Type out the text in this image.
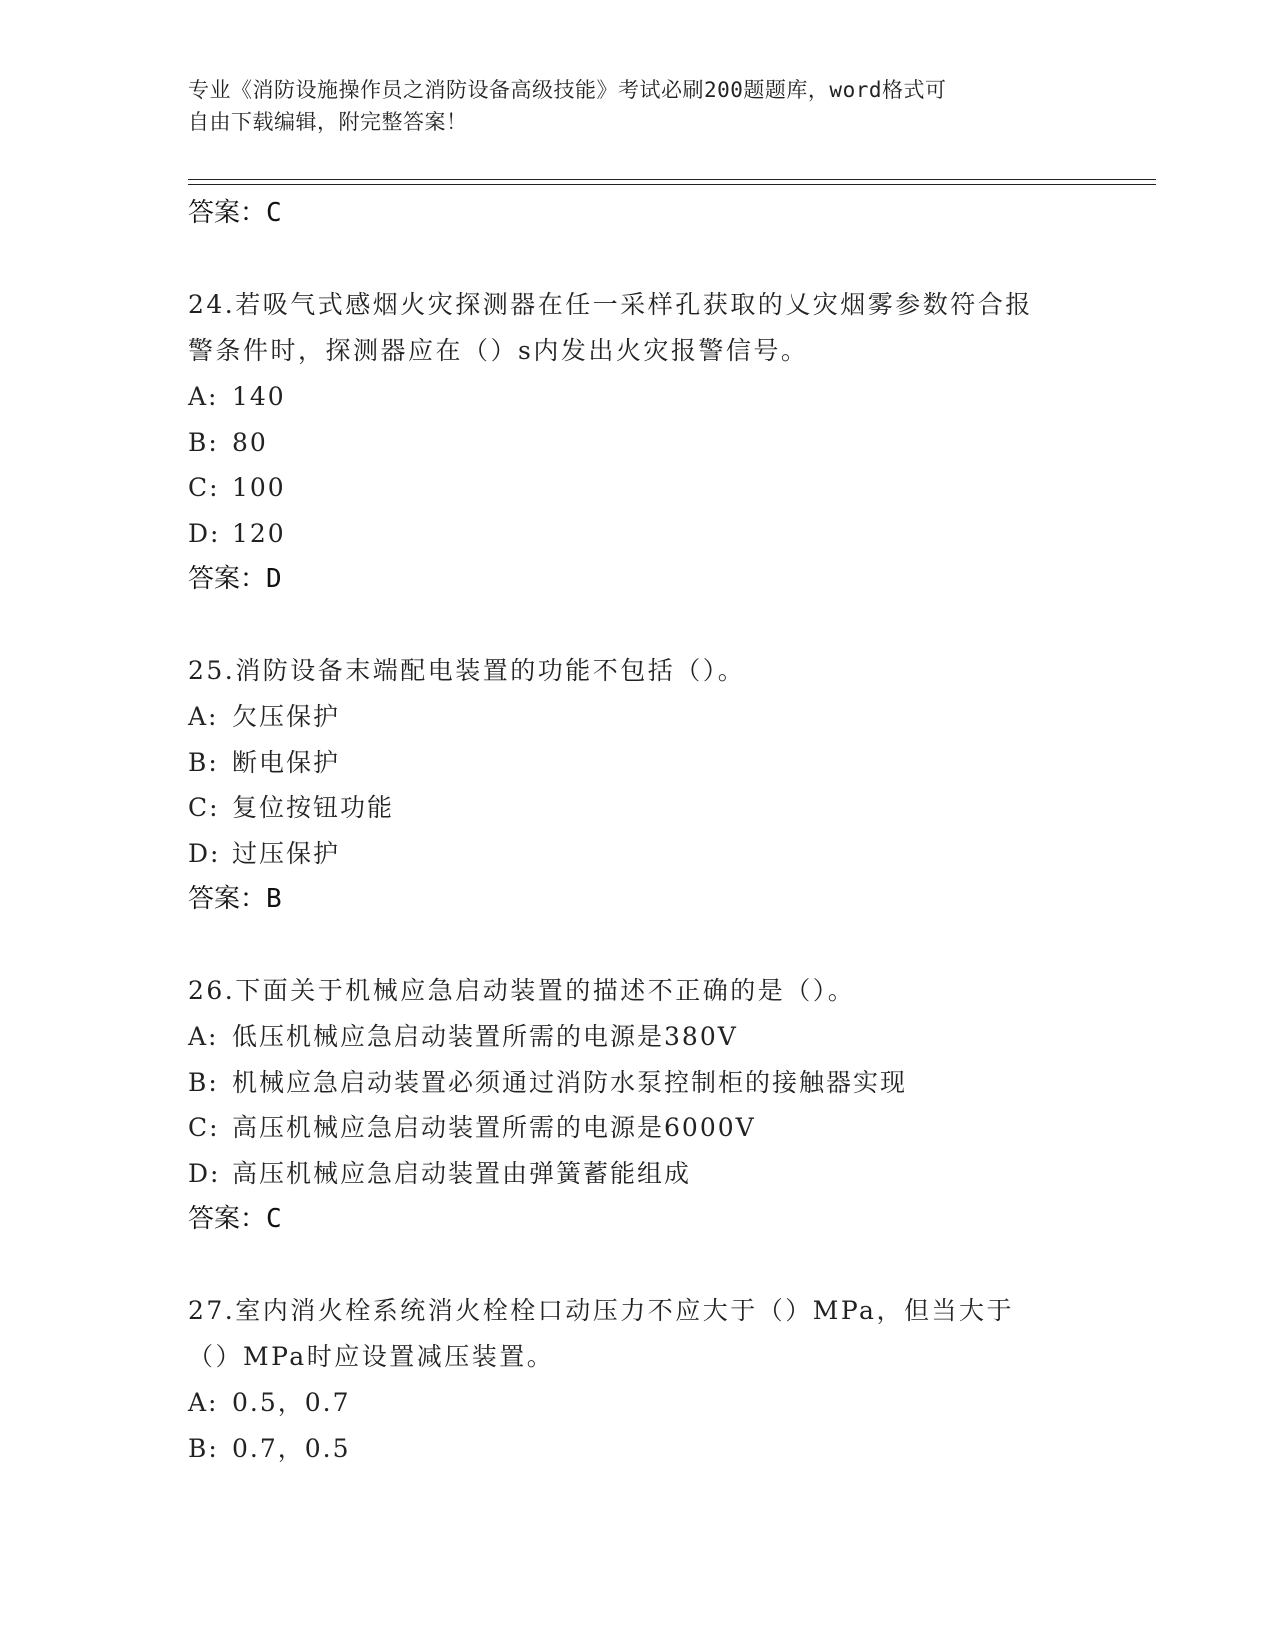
专业《消防设施操作员之消防设备高级技能》考试必刷200题题库，word格式可
自由下载编辑，附完整答案！
答案：C
24.若吸气式感烟火灾探测器在任一采样孔获取的乂灾烟雾参数符合报警条件时，探测器应在（）s内发出火灾报警信号。
A: 140
B: 80
C: 100
D: 120
答案：D
25.消防设备末端配电装置的功能不包括（）。
A: 欠压保护
B: 断电保护
C: 复位按钮功能
D: 过压保护
答案：B
26.下面关于机械应急启动装置的描述不正确的是（）。
A: 低压机械应急启动装置所需的电源是380V
B: 机械应急启动装置必须通过消防水泵控制柜的接触器实现
C: 高压机械应急启动装置所需的电源是6000V
D: 高压机械应急启动装置由弹簧蓄能组成
答案：C
27.室内消火栓系统消火栓栓口动压力不应大于（）MPa，但当大于（）MPa时应设置减压装置。
A: 0.5，0.7
B: 0.7，0.5
